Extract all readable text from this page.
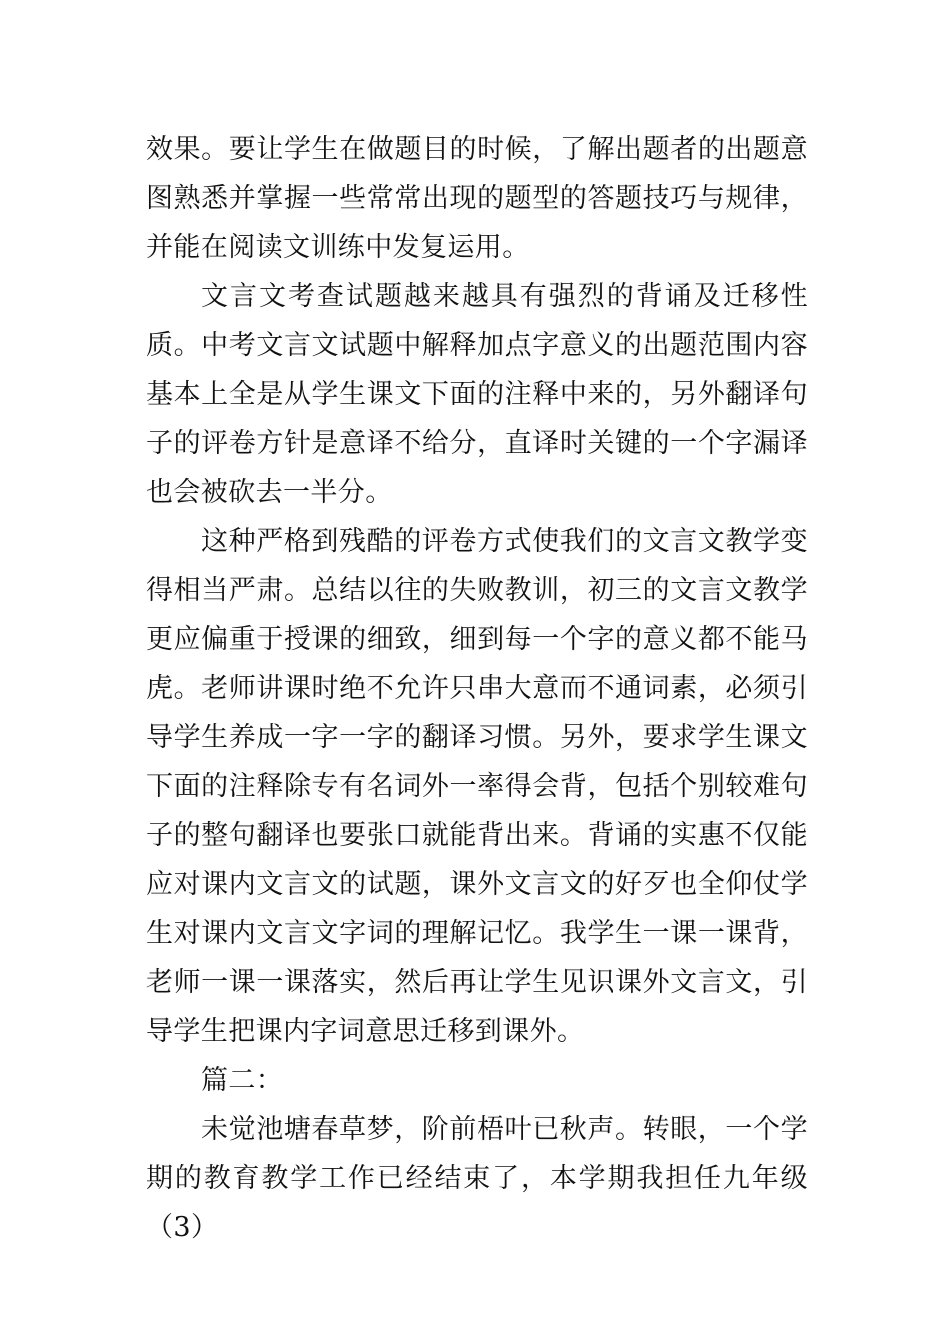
效果。要让学生在做题目的时候，了解出题者的出题意图熟悉并掌握一些常常出现的题型的答题技巧与规律，并能在阅读文训练中发复运用。

文言文考查试题越来越具有强烈的背诵及迁移性质。中考文言文试题中解释加点字意义的出题范围内容基本上全是从学生课文下面的注释中来的，另外翻译句子的评卷方针是意译不给分，直译时关键的一个字漏译也会被砍去一半分。

这种严格到残酷的评卷方式使我们的文言文教学变得相当严肃。总结以往的失败教训，初三的文言文教学更应偏重于授课的细致，细到每一个字的意义都不能马虎。老师讲课时绝不允许只串大意而不通词素，必须引导学生养成一字一字的翻译习惯。另外，要求学生课文下面的注释除专有名词外一率得会背，包括个别较难句子的整句翻译也要张口就能背出来。背诵的实惠不仅能应对课内文言文的试题，课外文言文的好歹也全仰仗学生对课内文言文字词的理解记忆。我学生一课一课背，老师一课一课落实，然后再让学生见识课外文言文，引导学生把课内字词意思迁移到课外。

篇二：

未觉池塘春草梦，阶前梧叶已秋声。转眼，一个学期的教育教学工作已经结束了，本学期我担任九年级（3）
